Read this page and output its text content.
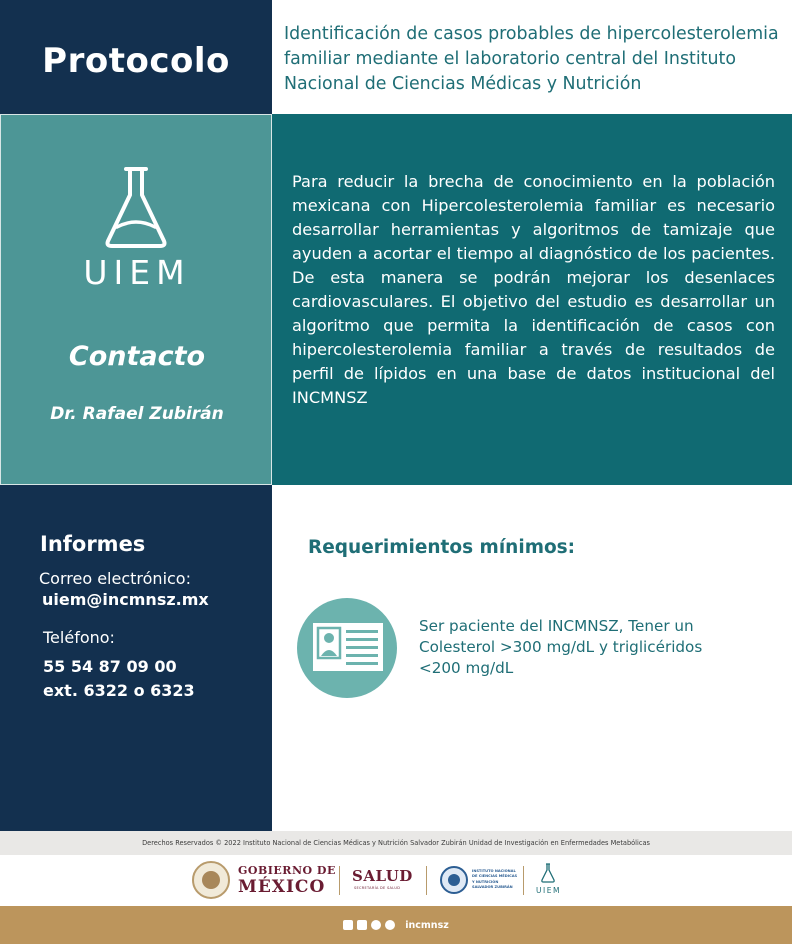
Protocolo
Identificación de casos probables de hipercolesterolemia familiar mediante el laboratorio central del Instituto Nacional de Ciencias Médicas y Nutrición
UIEM
Contacto
Dr. Rafael Zubirán
Para reducir la brecha de conocimiento en la población mexicana con Hipercolesterolemia familiar es necesario desarrollar herramientas y algoritmos de tamizaje que ayuden a acortar el tiempo al diagnóstico de los pacientes. De esta manera se podrán mejorar los desenlaces cardiovasculares. El objetivo del estudio es desarrollar un algoritmo que permita la identificación de casos con hipercolesterolemia familiar a través de resultados de perfil de lípidos en una base de datos institucional del INCMNSZ
Informes
Correo electrónico:
uiem@incmnsz.mx
Teléfono:
55 54 87 09 00
ext. 6322 o 6323
Requerimientos mínimos:
Ser paciente del INCMNSZ, Tener un Colesterol >300 mg/dL y triglicéridos <200 mg/dL
Derechos Reservados © 2022 Instituto Nacional de Ciencias Médicas y Nutrición Salvador Zubirán Unidad de Investigación en Enfermedades Metabólicas
GOBIERNO DE
MÉXICO
SALUD
SECRETARÍA DE SALUD
INSTITUTO NACIONAL DE CIENCIAS MÉDICAS Y NUTRICIÓN SALVADOR ZUBIRÁN	UIEM
incmnsz
